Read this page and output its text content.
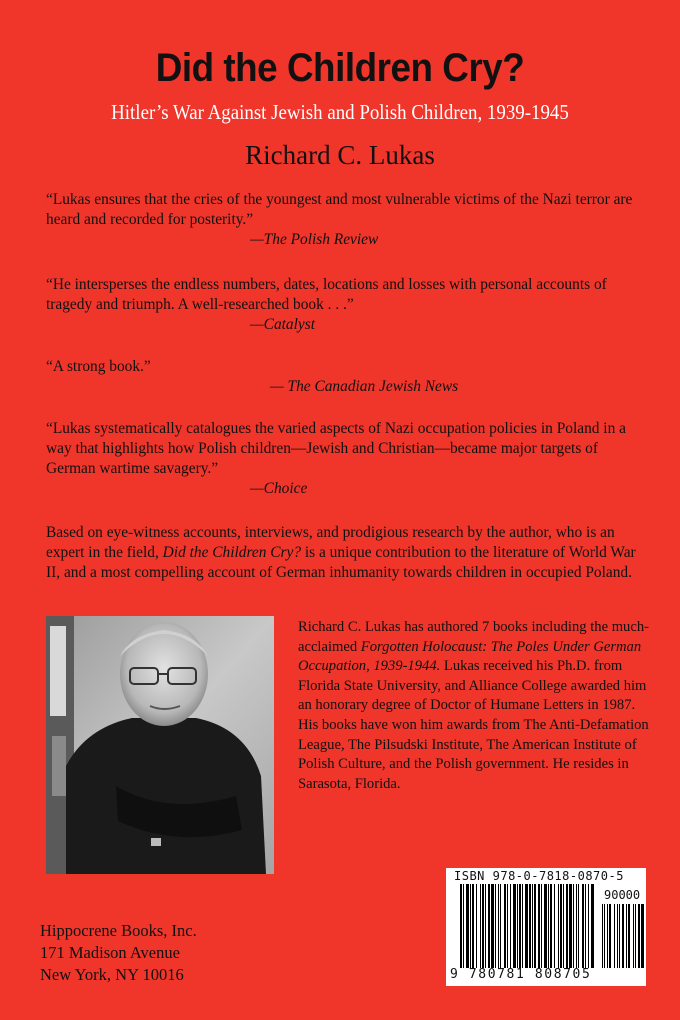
Did the Children Cry?
Hitler’s War Against Jewish and Polish Children, 1939-1945
Richard C. Lukas
“Lukas ensures that the cries of the youngest and most vulnerable victims of the Nazi terror are heard and recorded for posterity.”
—The Polish Review
“He intersperses the endless numbers, dates, locations and losses with personal accounts of tragedy and triumph. A well-researched book . . .”
—Catalyst
“A strong book.”
— The Canadian Jewish News
“Lukas systematically catalogues the varied aspects of Nazi occupation policies in Poland in a way that highlights how Polish children—Jewish and Christian—became major targets of German wartime savagery.”
—Choice
Based on eye-witness accounts, interviews, and prodigious research by the author, who is an expert in the field, Did the Children Cry? is a unique contribution to the literature of World War II, and a most compelling account of German inhumanity towards children in occupied Poland.
Richard C. Lukas has authored 7 books including the much-acclaimed Forgotten Holocaust: The Poles Under German Occupation, 1939-1944. Lukas received his Ph.D. from Florida State University, and Alliance College awarded him an honorary degree of Doctor of Humane Letters in 1987. His books have won him awards from The Anti-Defamation League, The Pilsudski Institute, The American Institute of Polish Culture, and the Polish government. He resides in Sarasota, Florida.
Hippocrene Books, Inc.
171 Madison Avenue
New York, NY 10016
ISBN 978-0-7818-0870-5
90000
9 780781 808705
